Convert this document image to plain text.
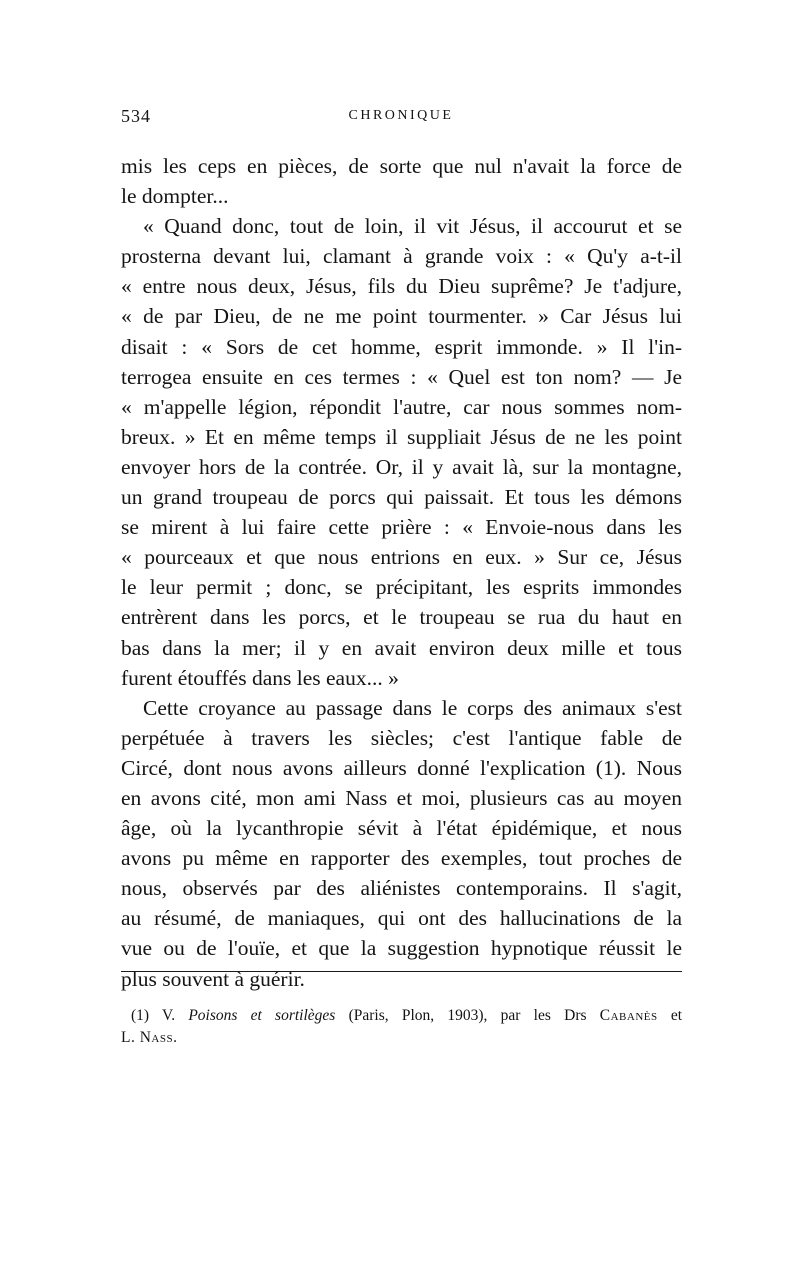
534	CHRONIQUE
mis les ceps en pièces, de sorte que nul n'avait la force de
le dompter...
« Quand donc, tout de loin, il vit Jésus, il accourut et se
prosterna devant lui, clamant à grande voix : « Qu'y a-t-il
« entre nous deux, Jésus, fils du Dieu suprême? Je t'adjure,
« de par Dieu, de ne me point tourmenter. » Car Jésus lui
disait : « Sors de cet homme, esprit immonde. » Il l'in-
terrogea ensuite en ces termes : « Quel est ton nom? — Je
« m'appelle légion, répondit l'autre, car nous sommes nom-
breux. » Et en même temps il suppliait Jésus de ne les point
envoyer hors de la contrée. Or, il y avait là, sur la montagne,
un grand troupeau de porcs qui paissait. Et tous les démons
se mirent à lui faire cette prière : « Envoie-nous dans les
« pourceaux et que nous entrions en eux. » Sur ce, Jésus
le leur permit ; donc, se précipitant, les esprits immondes
entrèrent dans les porcs, et le troupeau se rua du haut en
bas dans la mer; il y en avait environ deux mille et tous
furent étouffés dans les eaux... »
Cette croyance au passage dans le corps des animaux s'est
perpétuée à travers les siècles; c'est l'antique fable de
Circé, dont nous avons ailleurs donné l'explication (1). Nous
en avons cité, mon ami Nass et moi, plusieurs cas au moyen
âge, où la lycanthropie sévit à l'état épidémique, et nous
avons pu même en rapporter des exemples, tout proches de
nous, observés par des aliénistes contemporains. Il s'agit,
au résumé, de maniaques, qui ont des hallucinations de la
vue ou de l'ouïe, et que la suggestion hypnotique réussit le
plus souvent à guérir.
(1) V. Poisons et sortilèges (Paris, Plon, 1903), par les Drs Cabanès et
L. Nass.
